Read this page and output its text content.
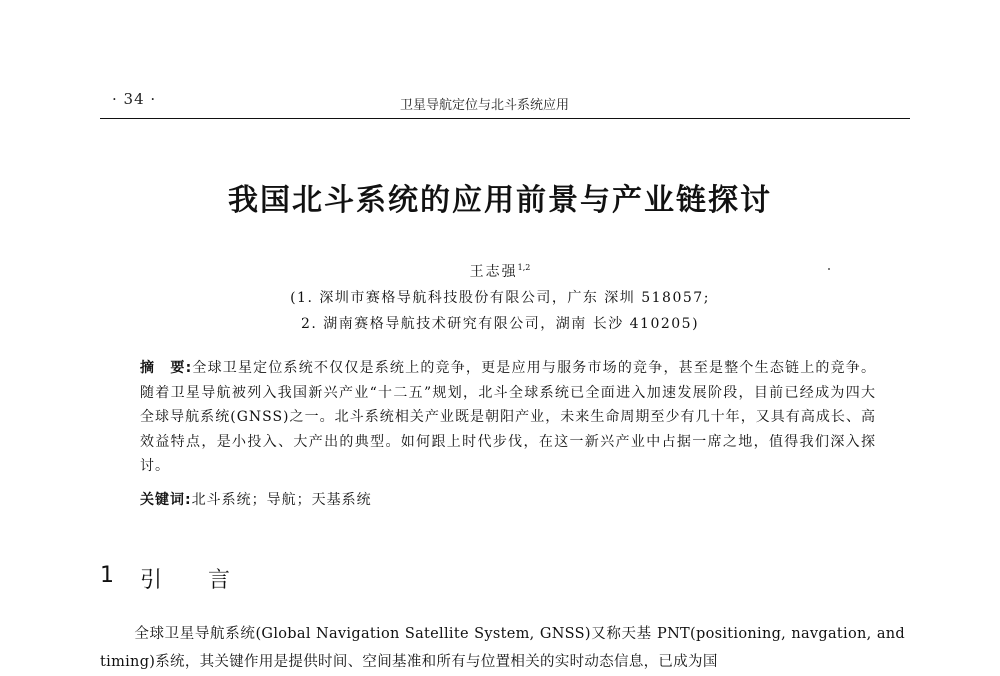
· 34 ·	卫星导航定位与北斗系统应用
我国北斗系统的应用前景与产业链探讨
王志强$^{1,2}$
(1. 深圳市赛格导航科技股份有限公司，广东 深圳 518057;
2. 湖南赛格导航技术研究有限公司，湖南 长沙 410205)
摘　要:全球卫星定位系统不仅仅是系统上的竞争，更是应用与服务市场的竞争，甚至是整个生态链上的竞争。随着卫星导航被列入我国新兴产业“十二五”规划，北斗全球系统已全面进入加速发展阶段，目前已经成为四大全球导航系统(GNSS)之一。北斗系统相关产业既是朝阳产业，未来生命周期至少有几十年，又具有高成长、高效益特点，是小投入、大产出的典型。如何跟上时代步伐，在这一新兴产业中占据一席之地，值得我们深入探讨。
关键词:北斗系统；导航；天基系统
1 引　言
全球卫星导航系统(Global Navigation Satellite System, GNSS)又称天基 PNT(positioning, navgation, and timing)系统，其关键作用是提供时间、空间基准和所有与位置相关的实时动态信息，已成为国
